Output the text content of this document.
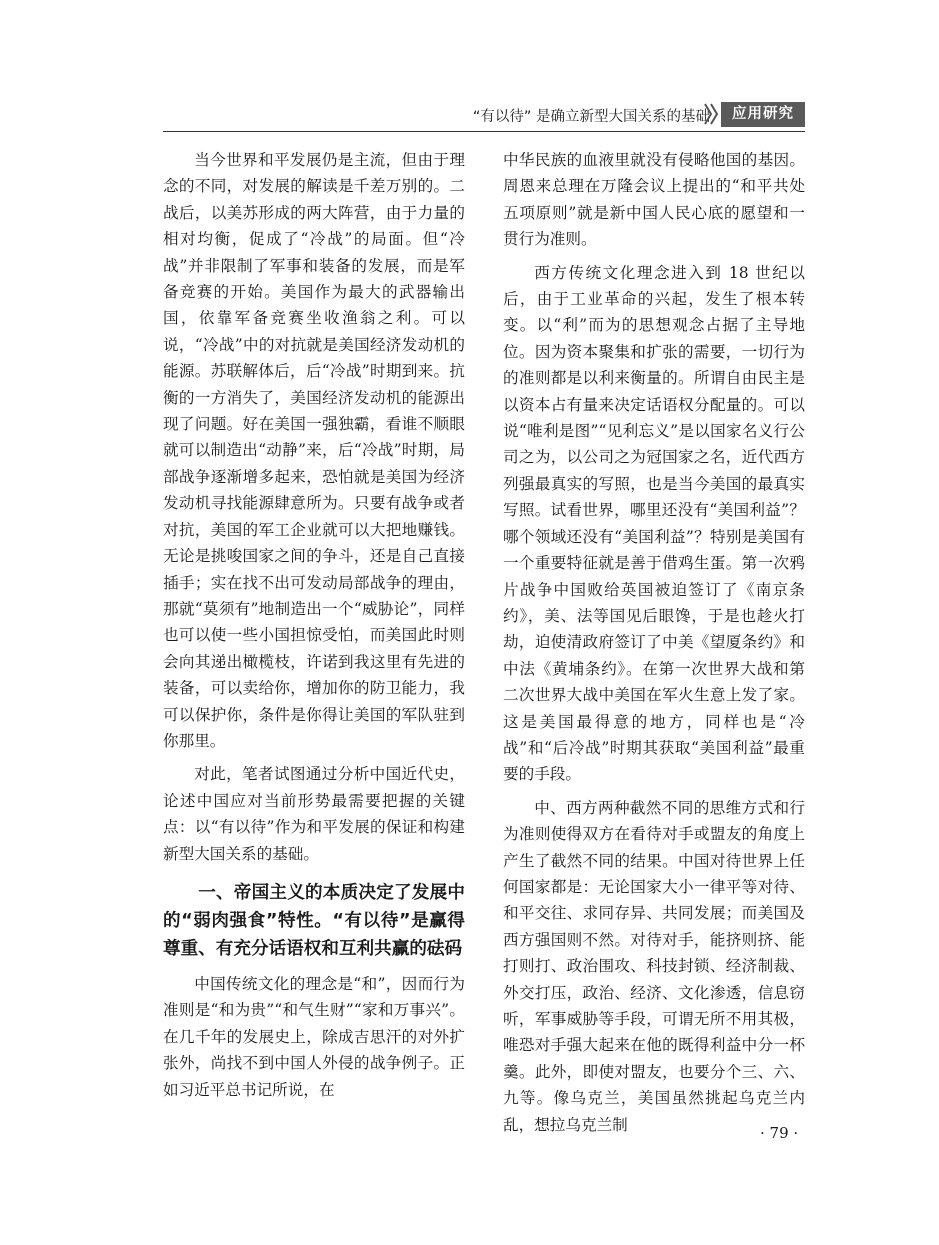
“有以待” 是确立新型大国关系的基础	应用研究

当今世界和平发展仍是主流，但由于理念的不同，对发展的解读是千差万别的。二战后，以美苏形成的两大阵营，由于力量的相对均衡，促成了“冷战”的局面。但“冷战”并非限制了军事和装备的发展，而是军备竞赛的开始。美国作为最大的武器输出国，依靠军备竞赛坐收渔翁之利。可以说，“冷战”中的对抗就是美国经济发动机的能源。苏联解体后，后“冷战”时期到来。抗衡的一方消失了，美国经济发动机的能源出现了问题。好在美国一强独霸，看谁不顺眼就可以制造出“动静”来，后“冷战”时期，局部战争逐渐增多起来，恐怕就是美国为经济发动机寻找能源肆意所为。只要有战争或者对抗，美国的军工企业就可以大把地赚钱。无论是挑唆国家之间的争斗，还是自己直接插手；实在找不出可发动局部战争的理由，那就“莫须有”地制造出一个“威胁论”，同样也可以使一些小国担惊受怕，而美国此时则会向其递出橄榄枝，许诺到我这里有先进的装备，可以卖给你，增加你的防卫能力，我可以保护你，条件是你得让美国的军队驻到你那里。

对此，笔者试图通过分析中国近代史，论述中国应对当前形势最需要把握的关键点：以“有以待”作为和平发展的保证和构建新型大国关系的基础。

一、帝国主义的本质决定了发展中的“弱肉强食”特性。“有以待”是赢得尊重、有充分话语权和互利共赢的砝码

中国传统文化的理念是“和”，因而行为准则是“和为贵”“和气生财”“家和万事兴”。在几千年的发展史上，除成吉思汗的对外扩张外，尚找不到中国人外侵的战争例子。正如习近平总书记所说，在

中华民族的血液里就没有侵略他国的基因。周恩来总理在万隆会议上提出的“和平共处五项原则”就是新中国人民心底的愿望和一贯行为准则。

西方传统文化理念进入到 18 世纪以后，由于工业革命的兴起，发生了根本转变。以“利”而为的思想观念占据了主导地位。因为资本聚集和扩张的需要，一切行为的准则都是以利来衡量的。所谓自由民主是以资本占有量来决定话语权分配量的。可以说“唯利是图”“见利忘义”是以国家名义行公司之为，以公司之为冠国家之名，近代西方列强最真实的写照，也是当今美国的最真实写照。试看世界，哪里还没有“美国利益”？哪个领域还没有“美国利益”？特别是美国有一个重要特征就是善于借鸡生蛋。第一次鸦片战争中国败给英国被迫签订了《南京条约》，美、法等国见后眼馋，于是也趁火打劫，迫使清政府签订了中美《望厦条约》和中法《黄埔条约》。在第一次世界大战和第二次世界大战中美国在军火生意上发了家。这是美国最得意的地方，同样也是“冷战”和“后冷战”时期其获取“美国利益”最重要的手段。

中、西方两种截然不同的思维方式和行为准则使得双方在看待对手或盟友的角度上产生了截然不同的结果。中国对待世界上任何国家都是：无论国家大小一律平等对待、和平交往、求同存异、共同发展；而美国及西方强国则不然。对待对手，能挤则挤、能打则打、政治围攻、科技封锁、经济制裁、外交打压，政治、经济、文化渗透，信息窃听，军事威胁等手段，可谓无所不用其极，唯恐对手强大起来在他的既得利益中分一杯羹。此外，即使对盟友，也要分个三、六、九等。像乌克兰，美国虽然挑起乌克兰内乱，想拉乌克兰制	· 79 ·
